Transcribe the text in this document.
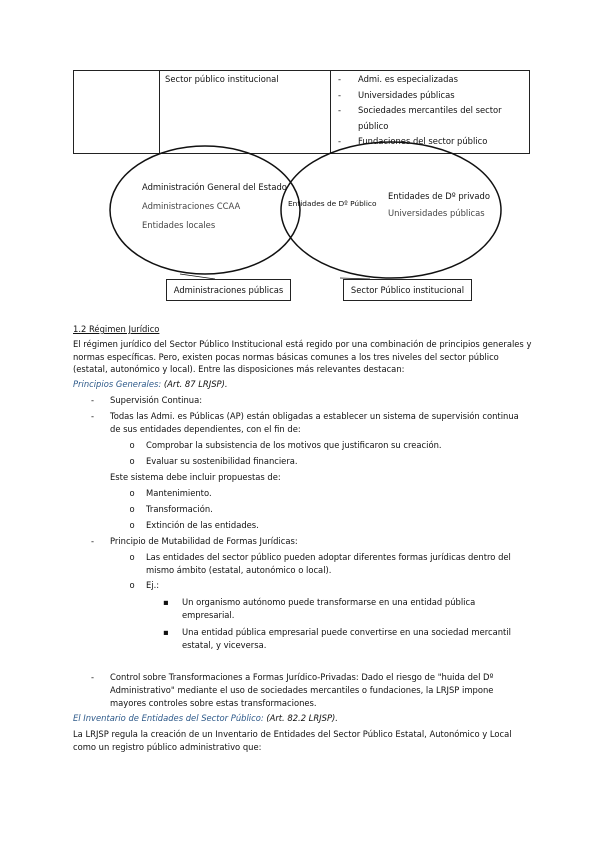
	Sector público institucional	
-Admi. es especializadas
- Universidades públicas
- Sociedades mercantiles del sector público
- Fundaciones del sector público
Administración General del Estado
Administraciones CCAA
Entidades locales
Entidades de Dº Público
Entidades de Dº privado
Universidades públicas
Administraciones públicas	Sector Público institucional
1.2 Régimen Jurídico
El régimen jurídico del Sector Público Institucional está regido por una combinación de principios generales y normas específicas. Pero, existen pocas normas básicas comunes a los tres niveles del sector público (estatal, autonómico y local). Entre las disposiciones más relevantes destacan:
Principios Generales: (Art. 87 LRJSP).
- Supervisión Continua:
- Todas las Admi. es Públicas (AP) están obligadas a establecer un sistema de supervisión continua
de sus entidades dependientes, con el fin de:
o	Comprobar la subsistencia de los motivos que justificaron su creación.
o	Evaluar su sostenibilidad financiera.
Este sistema debe incluir propuestas de:
o	Mantenimiento.
o	Transformación.
o	Extinción de las entidades.
- Principio de Mutabilidad de Formas Jurídicas:
o	Las entidades del sector público pueden adoptar diferentes formas jurídicas dentro del
mismo ámbito (estatal, autonómico o local).
o	Ej.:
▪ Un organismo autónomo puede transformarse en una entidad pública
empresarial.
▪ Una entidad pública empresarial puede convertirse en una sociedad mercantil
estatal, y viceversa.
- Control sobre Transformaciones a Formas Jurídico-Privadas: Dado el riesgo de "huida del Dº
Administrativo" mediante el uso de sociedades mercantiles o fundaciones, la LRJSP impone
mayores controles sobre estas transformaciones.
El Inventario de Entidades del Sector Público: (Art. 82.2 LRJSP).
La LRJSP regula la creación de un Inventario de Entidades del Sector Público Estatal, Autonómico y Local
como un registro público administrativo que:
